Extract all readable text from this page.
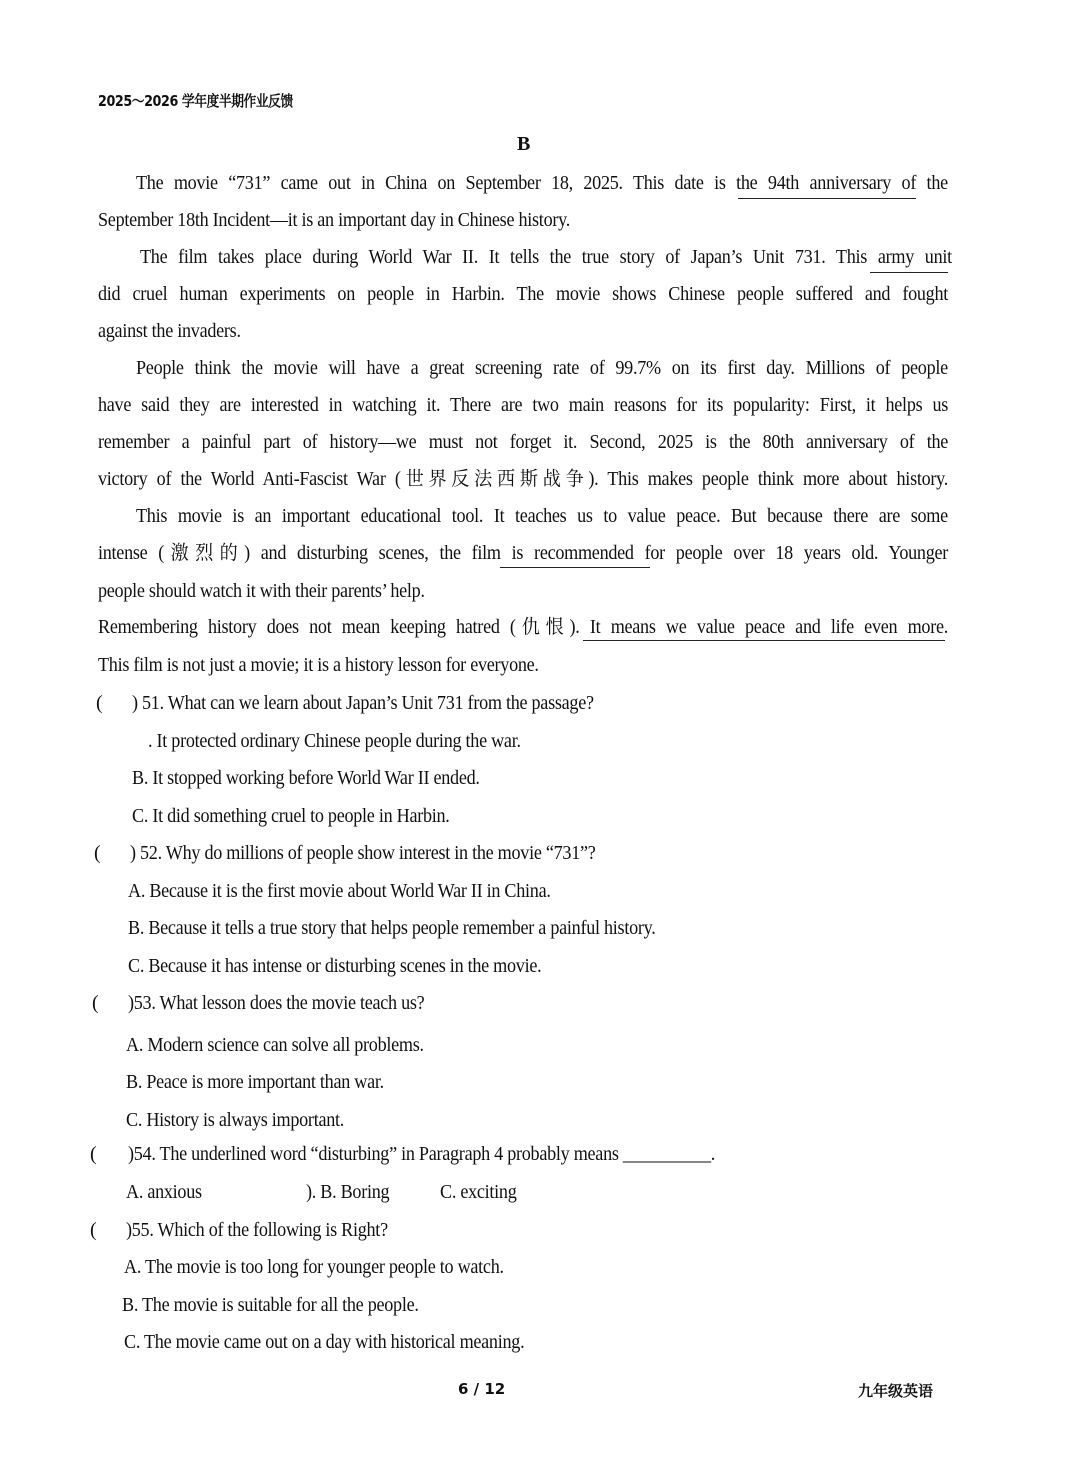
2025～2026 学年度半期作业反馈
B
The movie “731” came out in China on September 18, 2025. This date is the 94th anniversary of the
September 18th Incident—it is an important day in Chinese history.
The film takes place during World War II. It tells the true story of Japan’s Unit 731. This army unit
did cruel human experiments on people in Harbin. The movie shows Chinese people suffered and fought
against the invaders.
People think the movie will have a great screening rate of 99.7% on its first day. Millions of people
have said they are interested in watching it. There are two main reasons for its popularity: First, it helps us
remember a painful part of history—we must not forget it. Second, 2025 is the 80th anniversary of the
victory of the World Anti-Fascist War (世界反法西斯战争). This makes people think more about history.
This movie is an important educational tool. It teaches us to value peace. But because there are some
intense (激烈的) and disturbing scenes, the film is recommended for people over 18 years old. Younger
people should watch it with their parents’ help.
Remembering history does not mean keeping hatred (仇恨). It means we value peace and life even more.
This film is not just a movie; it is a history lesson for everyone.
( ) 51. What can we learn about Japan’s Unit 731 from the passage?
. It protected ordinary Chinese people during the war.
B. It stopped working before World War II ended.
C. It did something cruel to people in Harbin.
( ) 52. Why do millions of people show interest in the movie “731”?
A. Because it is the first movie about World War II in China.
B. Because it tells a true story that helps people remember a painful history.
C. Because it has intense or disturbing scenes in the movie.
( )53. What lesson does the movie teach us?
A. Modern science can solve all problems.
B. Peace is more important than war.
C. History is always important.
( )54. The underlined word “disturbing” in Paragraph 4 probably means __________.
A. anxious	). B. Boring	C. exciting
( )55. Which of the following is Right?
A. The movie is too long for younger people to watch.
B. The movie is suitable for all the people.
C. The movie came out on a day with historical meaning.
6 / 12	九年级英语
